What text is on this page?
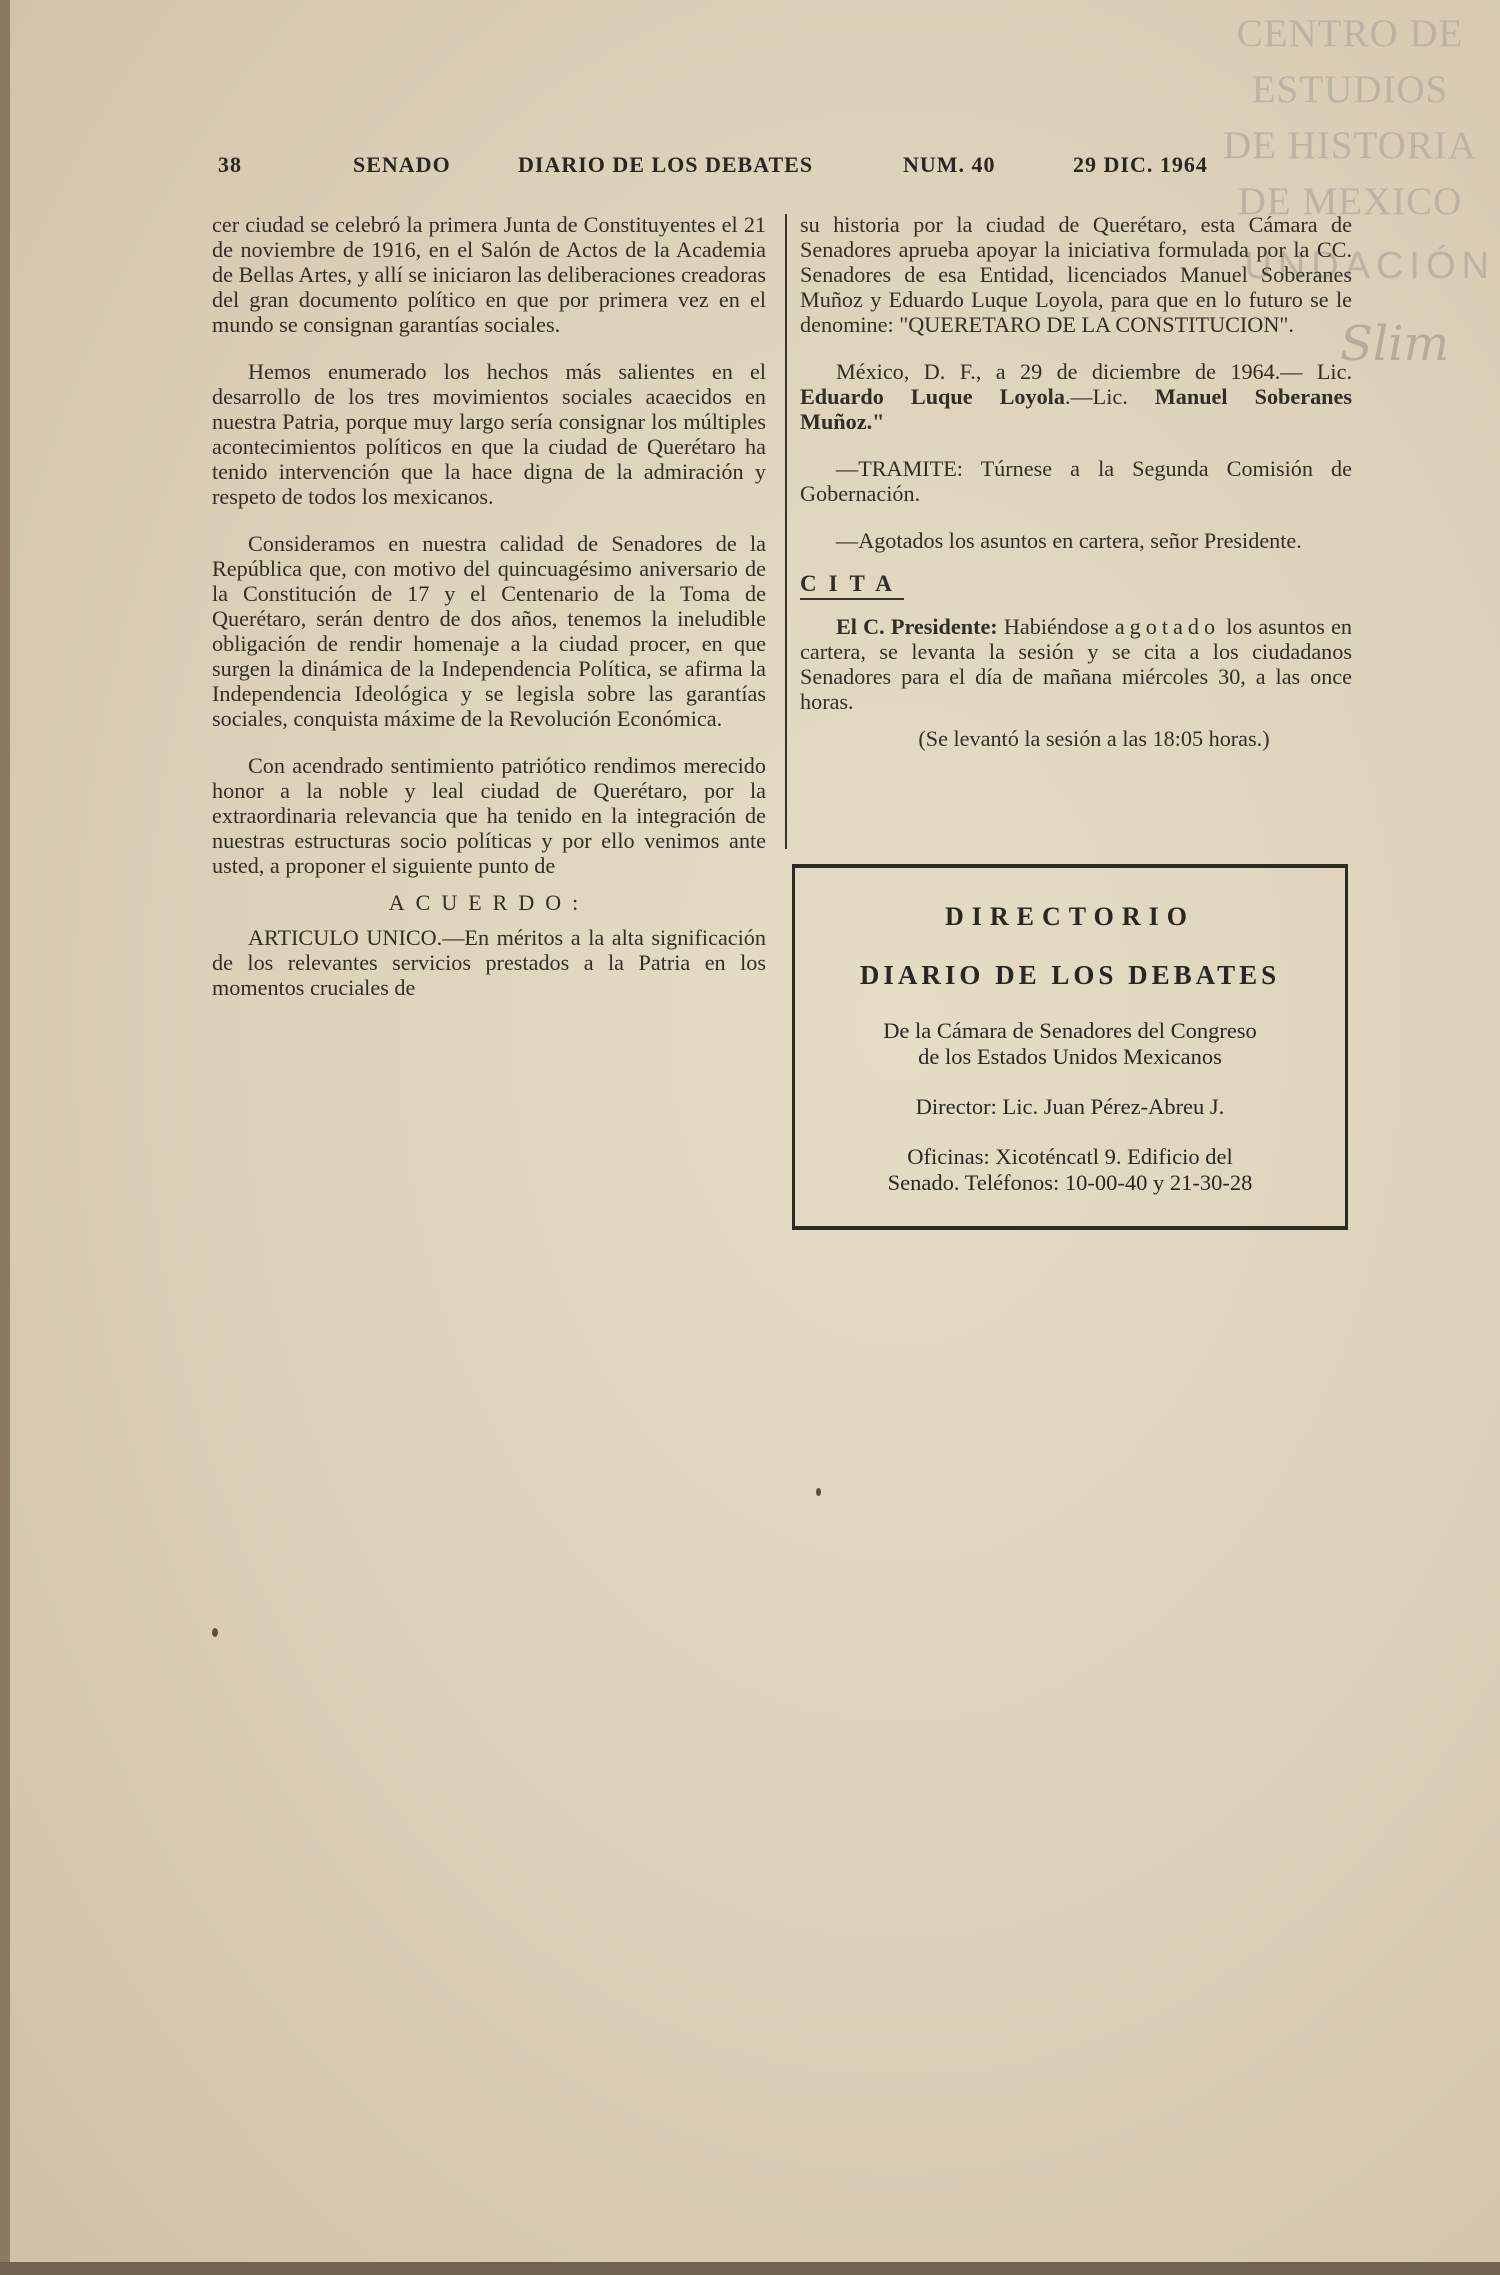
CENTRO DE
ESTUDIOS
DE HISTORIA
DE MEXICO
UNDACIÓN
Slim
38	SENADO	DIARIO DE LOS DEBATES	NUM. 40	29 DIC. 1964

cer ciudad se celebró la primera Junta de Constituyentes el 21 de noviembre de 1916, en el Salón de Actos de la Academia de Bellas Artes, y allí se iniciaron las deliberaciones creadoras del gran documento político en que por primera vez en el mundo se consignan garantías sociales.

Hemos enumerado los hechos más salientes en el desarrollo de los tres movimientos sociales acaecidos en nuestra Patria, porque muy largo sería consignar los múltiples acontecimientos políticos en que la ciudad de Querétaro ha tenido intervención que la hace digna de la admiración y respeto de todos los mexicanos.

Consideramos en nuestra calidad de Senadores de la República que, con motivo del quincuagésimo aniversario de la Constitución de 17 y el Centenario de la Toma de Querétaro, serán dentro de dos años, tenemos la ineludible obligación de rendir homenaje a la ciudad procer, en que surgen la dinámica de la Independencia Política, se afirma la Independencia Ideológica y se legisla sobre las garantías sociales, conquista máxime de la Revolución Económica.

Con acendrado sentimiento patriótico rendimos merecido honor a la noble y leal ciudad de Querétaro, por la extraordinaria relevancia que ha tenido en la integración de nuestras estructuras socio políticas y por ello venimos ante usted, a proponer el siguiente punto de

ACUERDO:

ARTICULO UNICO.—En méritos a la alta significación de los relevantes servicios prestados a la Patria en los momentos cruciales de

su historia por la ciudad de Querétaro, esta Cámara de Senadores aprueba apoyar la iniciativa formulada por la CC. Senadores de esa Entidad, licenciados Manuel Soberanes Muñoz y Eduardo Luque Loyola, para que en lo futuro se le denomine: "QUERETARO DE LA CONSTITUCION".

México, D. F., a 29 de diciembre de 1964.— Lic. Eduardo Luque Loyola.—Lic. Manuel Soberanes Muñoz."

—TRAMITE: Túrnese a la Segunda Comisión de Gobernación.

—Agotados los asuntos en cartera, señor Presidente.

CITA

El C. Presidente: Habiéndose agotado los asuntos en cartera, se levanta la sesión y se cita a los ciudadanos Senadores para el día de mañana miércoles 30, a las once horas.

(Se levantó la sesión a las 18:05 horas.)

DIRECTORIO
DIARIO DE LOS DEBATES
De la Cámara de Senadores del Congreso
de los Estados Unidos Mexicanos
Director: Lic. Juan Pérez-Abreu J.
Oficinas: Xicoténcatl 9. Edificio del
Senado. Teléfonos: 10-00-40 y 21-30-28
